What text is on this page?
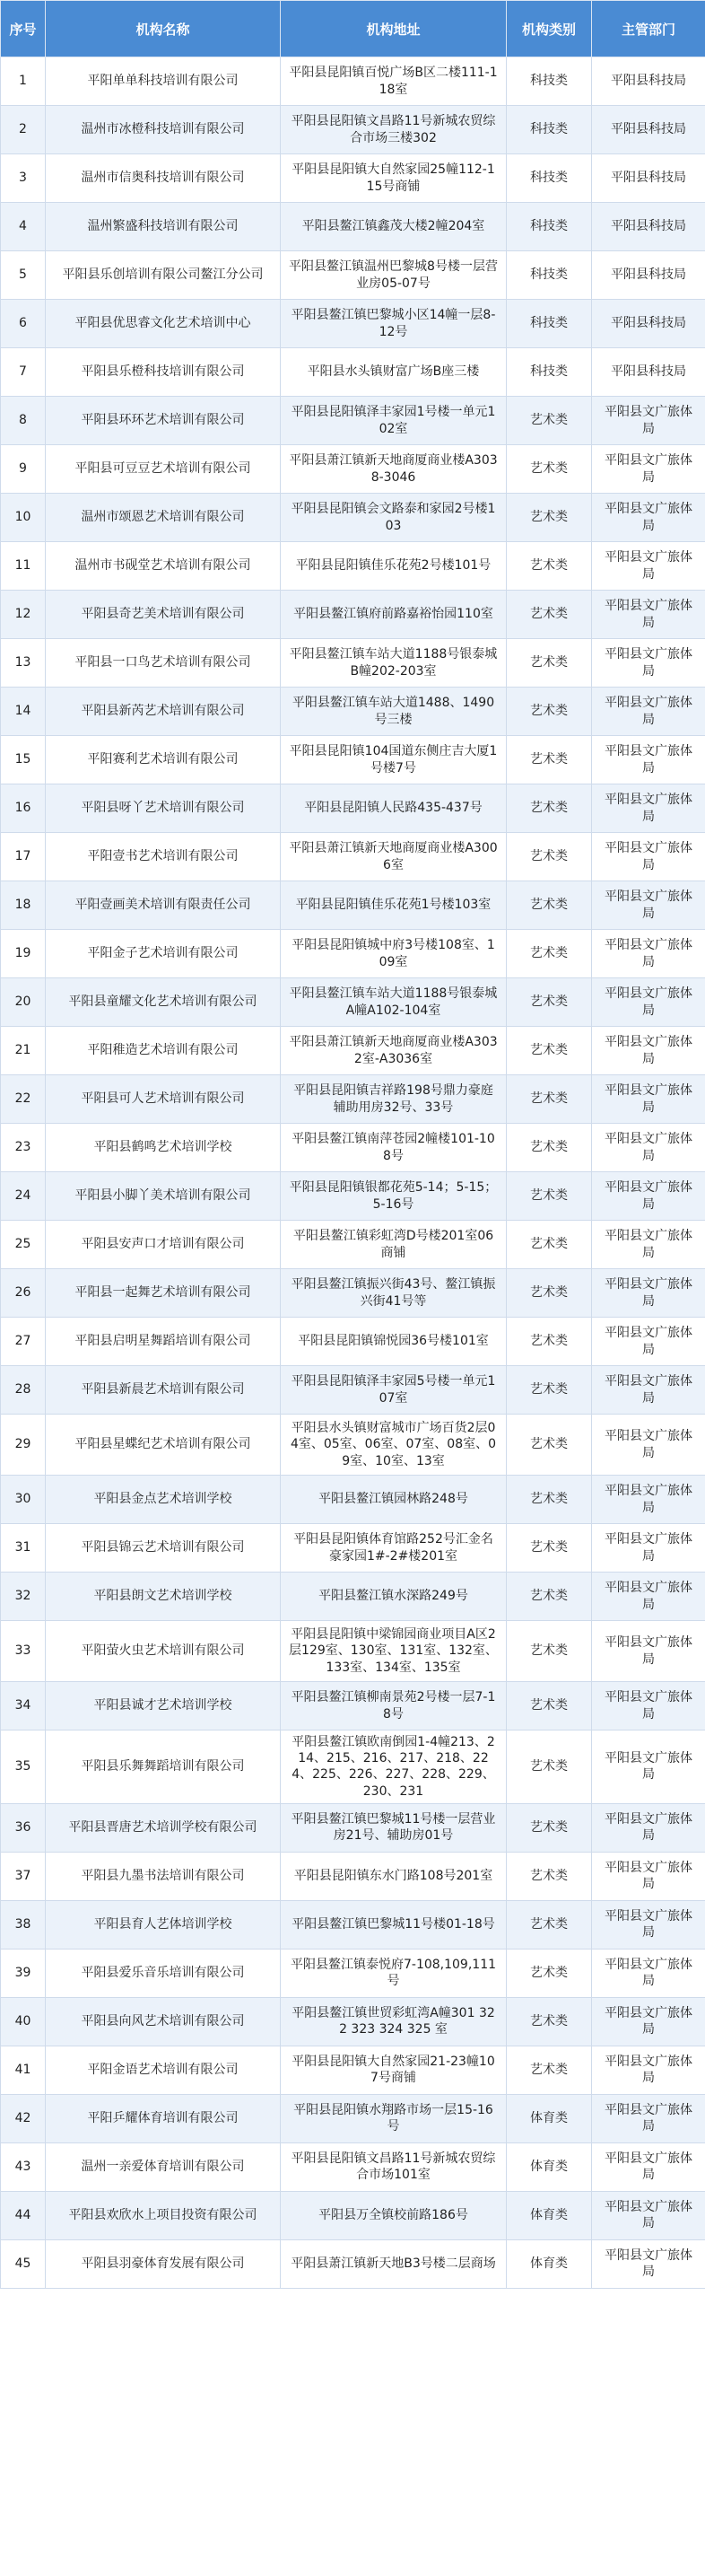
序号	机构名称	机构地址	机构类别	主管部门
1	平阳单单科技培训有限公司	平阳县昆阳镇百悦广场B区二楼111-118室	科技类	平阳县科技局
2	温州市冰橙科技培训有限公司	平阳县昆阳镇文昌路11号新城农贸综合市场三楼302	科技类	平阳县科技局
3	温州市信奥科技培训有限公司	平阳县昆阳镇大自然家园25幢112-115号商铺	科技类	平阳县科技局
4	温州繁盛科技培训有限公司	平阳县鳌江镇鑫茂大楼2幢204室	科技类	平阳县科技局
5	平阳县乐创培训有限公司鳌江分公司	平阳县鳌江镇温州巴黎城8号楼一层营业房05-07号	科技类	平阳县科技局
6	平阳县优思睿文化艺术培训中心	平阳县鳌江镇巴黎城小区14幢一层8-12号	科技类	平阳县科技局
7	平阳县乐橙科技培训有限公司	平阳县水头镇财富广场B座三楼	科技类	平阳县科技局
8	平阳县环环艺术培训有限公司	平阳县昆阳镇泽丰家园1号楼一单元102室	艺术类	平阳县文广旅体局
9	平阳县可豆豆艺术培训有限公司	平阳县萧江镇新天地商厦商业楼A3038-3046	艺术类	平阳县文广旅体局
10	温州市颂恩艺术培训有限公司	平阳县昆阳镇会文路泰和家园2号楼103	艺术类	平阳县文广旅体局
11	温州市书砚堂艺术培训有限公司	平阳县昆阳镇佳乐花苑2号楼101号	艺术类	平阳县文广旅体局
12	平阳县奇艺美术培训有限公司	平阳县鳌江镇府前路嘉裕怡园110室	艺术类	平阳县文广旅体局
13	平阳县一口鸟艺术培训有限公司	平阳县鳌江镇车站大道1188号银泰城B幢202-203室	艺术类	平阳县文广旅体局
14	平阳县新芮艺术培训有限公司	平阳县鳌江镇车站大道1488、1490号三楼	艺术类	平阳县文广旅体局
15	平阳赛利艺术培训有限公司	平阳县昆阳镇104国道东侧庄吉大厦1号楼7号	艺术类	平阳县文广旅体局
16	平阳县呀丫艺术培训有限公司	平阳县昆阳镇人民路435-437号	艺术类	平阳县文广旅体局
17	平阳壹书艺术培训有限公司	平阳县萧江镇新天地商厦商业楼A3006室	艺术类	平阳县文广旅体局
18	平阳壹画美术培训有限责任公司	平阳县昆阳镇佳乐花苑1号楼103室	艺术类	平阳县文广旅体局
19	平阳金子艺术培训有限公司	平阳县昆阳镇城中府3号楼108室、109室	艺术类	平阳县文广旅体局
20	平阳县童耀文化艺术培训有限公司	平阳县鳌江镇车站大道1188号银泰城A幢A102-104室	艺术类	平阳县文广旅体局
21	平阳稚造艺术培训有限公司	平阳县萧江镇新天地商厦商业楼A3032室-A3036室	艺术类	平阳县文广旅体局
22	平阳县可人艺术培训有限公司	平阳县昆阳镇吉祥路198号鼎力豪庭辅助用房32号、33号	艺术类	平阳县文广旅体局
23	平阳县鹤鸣艺术培训学校	平阳县鳌江镇南萍苍园2幢楼101-108号	艺术类	平阳县文广旅体局
24	平阳县小脚丫美术培训有限公司	平阳县昆阳镇银都花苑5-14；5-15；5-16号	艺术类	平阳县文广旅体局
25	平阳县安声口才培训有限公司	平阳县鳌江镇彩虹湾D号楼201室06商铺	艺术类	平阳县文广旅体局
26	平阳县一起舞艺术培训有限公司	平阳县鳌江镇振兴街43号、鳌江镇振兴街41号等	艺术类	平阳县文广旅体局
27	平阳县启明星舞蹈培训有限公司	平阳县昆阳镇锦悦园36号楼101室	艺术类	平阳县文广旅体局
28	平阳县新晨艺术培训有限公司	平阳县昆阳镇泽丰家园5号楼一单元107室	艺术类	平阳县文广旅体局
29	平阳县星蝶纪艺术培训有限公司	平阳县水头镇财富城市广场百货2层04室、05室、06室、07室、08室、09室、10室、13室	艺术类	平阳县文广旅体局
30	平阳县金点艺术培训学校	平阳县鳌江镇园林路248号	艺术类	平阳县文广旅体局
31	平阳县锦云艺术培训有限公司	平阳县昆阳镇体育馆路252号汇金名豪家园1#-2#楼201室	艺术类	平阳县文广旅体局
32	平阳县朗文艺术培训学校	平阳县鳌江镇水深路249号	艺术类	平阳县文广旅体局
33	平阳萤火虫艺术培训有限公司	平阳县昆阳镇中梁锦园商业项目A区2层129室、130室、131室、132室、133室、134室、135室	艺术类	平阳县文广旅体局
34	平阳县诚才艺术培训学校	平阳县鳌江镇柳南景苑2号楼一层7-18号	艺术类	平阳县文广旅体局
35	平阳县乐舞舞蹈培训有限公司	平阳县鳌江镇欧南倒园1-4幢213、214、215、216、217、218、224、225、226、227、228、229、230、231	艺术类	平阳县文广旅体局
36	平阳县晋唐艺术培训学校有限公司	平阳县鳌江镇巴黎城11号楼一层营业房21号、辅助房01号	艺术类	平阳县文广旅体局
37	平阳县九墨书法培训有限公司	平阳县昆阳镇东水门路108号201室	艺术类	平阳县文广旅体局
38	平阳县育人艺体培训学校	平阳县鳌江镇巴黎城11号楼01-18号	艺术类	平阳县文广旅体局
39	平阳县爱乐音乐培训有限公司	平阳县鳌江镇泰悦府7-108,109,111号	艺术类	平阳县文广旅体局
40	平阳县向风艺术培训有限公司	平阳县鳌江镇世贸彩虹湾A幢301 322 323 324 325 室	艺术类	平阳县文广旅体局
41	平阳金语艺术培训有限公司	平阳县昆阳镇大自然家园21-23幢107号商铺	艺术类	平阳县文广旅体局
42	平阳乒耀体育培训有限公司	平阳县昆阳镇水翔路市场一层15-16号	体育类	平阳县文广旅体局
43	温州一亲爱体育培训有限公司	平阳县昆阳镇文昌路11号新城农贸综合市场101室	体育类	平阳县文广旅体局
44	平阳县欢欣水上项目投资有限公司	平阳县万全镇校前路186号	体育类	平阳县文广旅体局
45	平阳县羽豪体育发展有限公司	平阳县萧江镇新天地B3号楼二层商场	体育类	平阳县文广旅体局
